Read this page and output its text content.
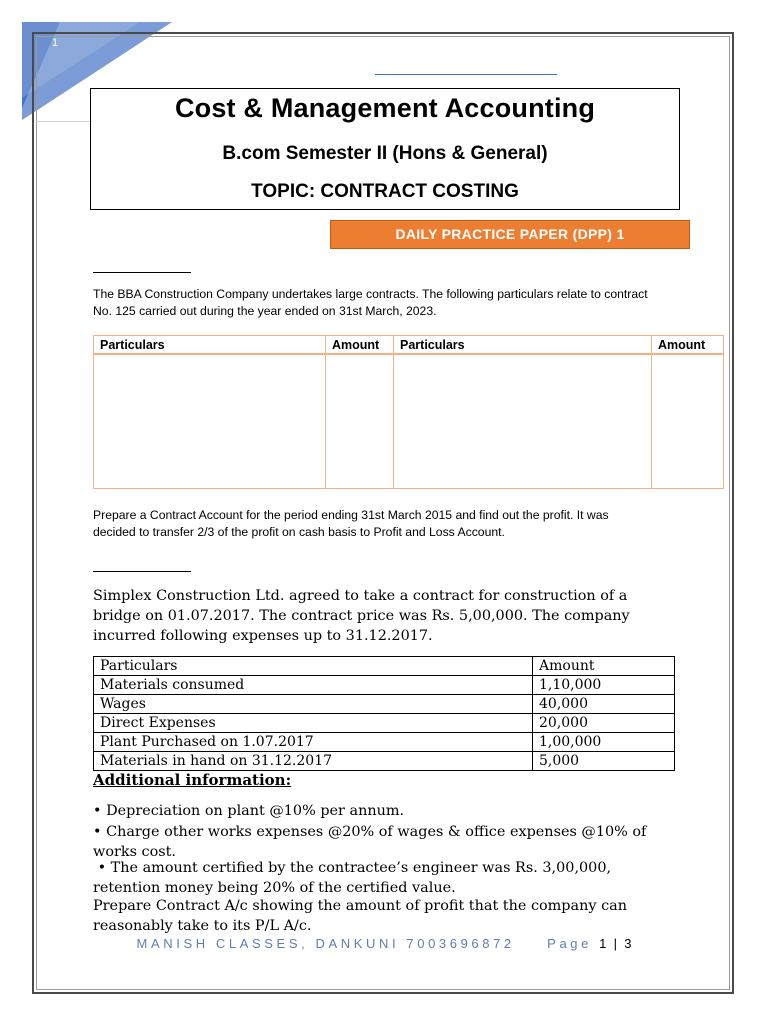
1
Cost & Management Accounting
B.com Semester II (Hons & General)
TOPIC: CONTRACT COSTING
DAILY PRACTICE PAPER (DPP) 1
The BBA Construction Company undertakes large contracts. The following particulars relate to contract No. 125 carried out during the year ended on 31st March, 2023.
Particulars	Amount	Particulars	Amount

Prepare a Contract Account for the period ending 31st March 2015 and find out the profit. It was decided to transfer 2/3 of the profit on cash basis to Profit and Loss Account.
Simplex Construction Ltd. agreed to take a contract for construction of a bridge on 01.07.2017. The contract price was Rs. 5,00,000. The company incurred following expenses up to 31.12.2017.
Particulars	Amount
Materials consumed	1,10,000
Wages	40,000
Direct Expenses	20,000
Plant Purchased on 1.07.2017	1,00,000
Materials in hand on 31.12.2017	5,000
Additional information:
• Depreciation on plant @10% per annum.
• Charge other works expenses @20% of wages & office expenses @10% of works cost.
• The amount certified by the contractee’s engineer was Rs. 3,00,000, retention money being 20% of the certified value.
Prepare Contract A/c showing the amount of profit that the company can reasonably take to its P/L A/c.
MANISH CLASSES, DANKUNI 7003696872 Page 1 | 3
